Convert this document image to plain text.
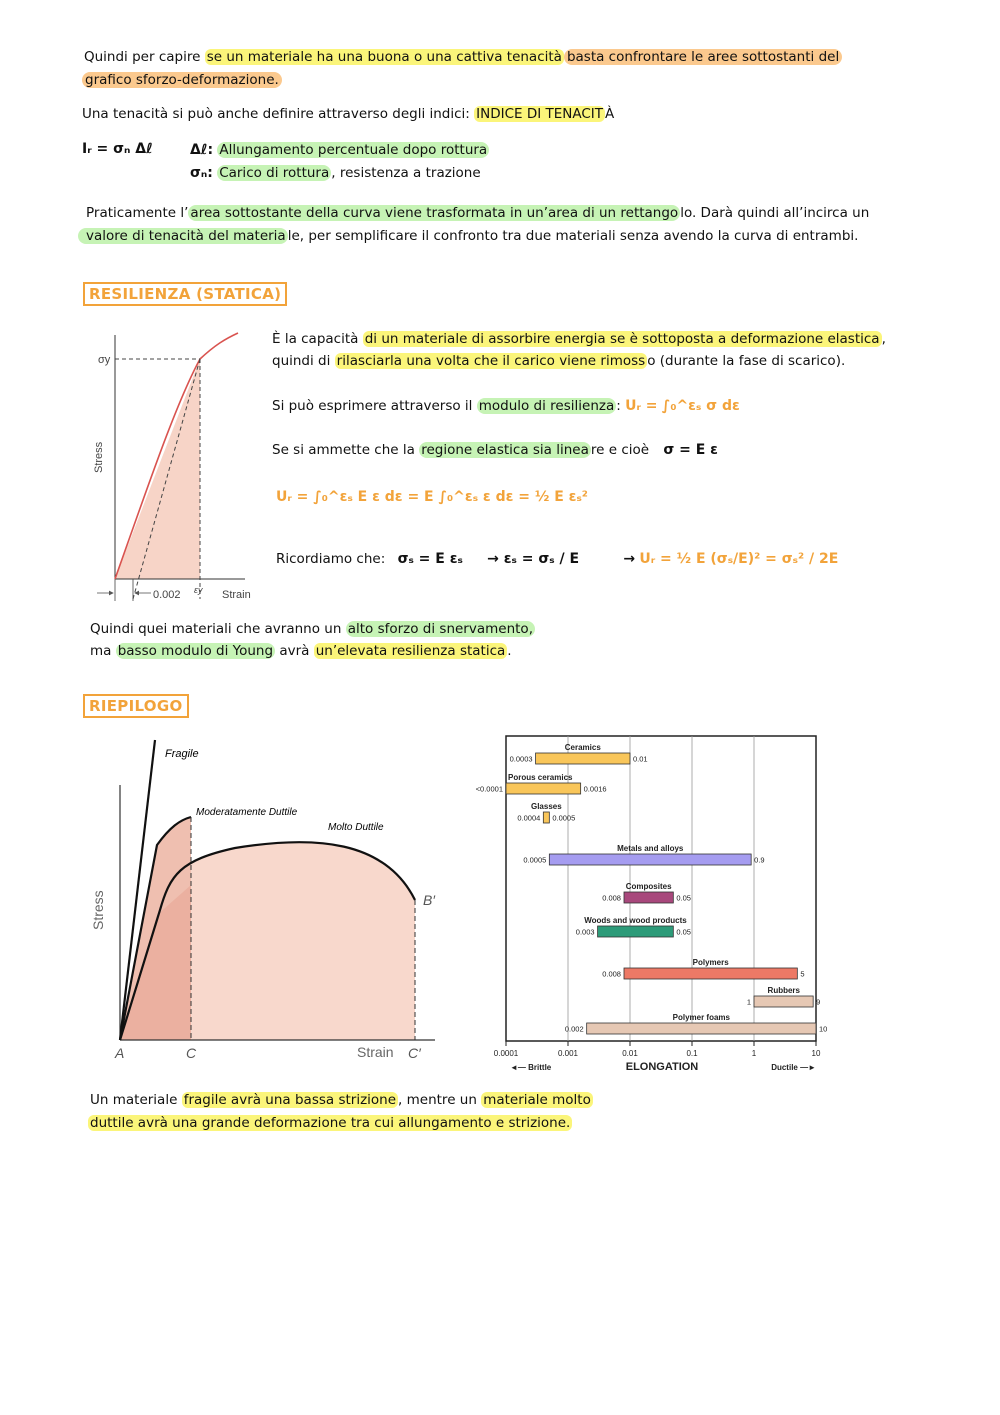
Quindi per capire se un materiale ha una buona o una cattiva tenacità basta confrontare le aree sottostanti del
grafico sforzo-deformazione.
Una tenacità si può anche definire attraverso degli indici: INDICE DI TENACIT À
Iᵣ = σₙ Δℓ	Δℓ: Allungamento percentuale dopo rottura
σₙ: Carico di rottura , resistenza a trazione
Praticamente l’ area sottostante della curva viene trasformata in un’area di un rettango lo. Darà quindi all’incirca un
valore di tenacità del materia le, per semplificare il confronto tra due materiali senza avendo la curva di entrambi.
RESILIENZA (STATICA)
0.002 εy Strain
σy
Stress
È la capacità di un materiale di assorbire energia se è sottoposta a deformazione elastica ,
quindi di rilasciarla una volta che il carico viene rimoss o (durante la fase di scarico).
Si può esprimere attraverso il modulo di resilienza : Uᵣ = ∫₀^εₛ σ dε
Se si ammette che la regione elastica sia linea re e cioè σ = E ε
Uᵣ = ∫₀^εₛ E ε dε = E ∫₀^εₛ ε dε = ½ E εₛ²
Ricordiamo che: σₛ = E εₛ → εₛ = σₛ / E	→ Uᵣ = ½ E (σₛ/E)² = σₛ² / 2E
Quindi quei materiali che avranno un alto sforzo di snervamento,
ma basso modulo di Young avrà un’elevata resilienza statica .
RIEPILOGO
Fragile
Moderatamente Duttile
Molto Duttile
B′
Stress
A	C	Strain C′
Ceramics
0.0003	0.01
Porous ceramics
<0.0001	0.0016
Glasses
0.0004 0.0005
Metals and alloys
0.0005	0.9
Composites
0.008	0.05
Woods and wood products
0.003	0.05
Polymers
0.008	5
Rubbers
1	9
Polymer foams
0.002	10
0.0001	0.001	0.01	0.1	1	10
ELONGATION
◄— Brittle	Ductile —►
Un materiale fragile avrà una bassa strizione , mentre un materiale molto
duttile avrà una grande deformazione tra cui allungamento e strizione.
